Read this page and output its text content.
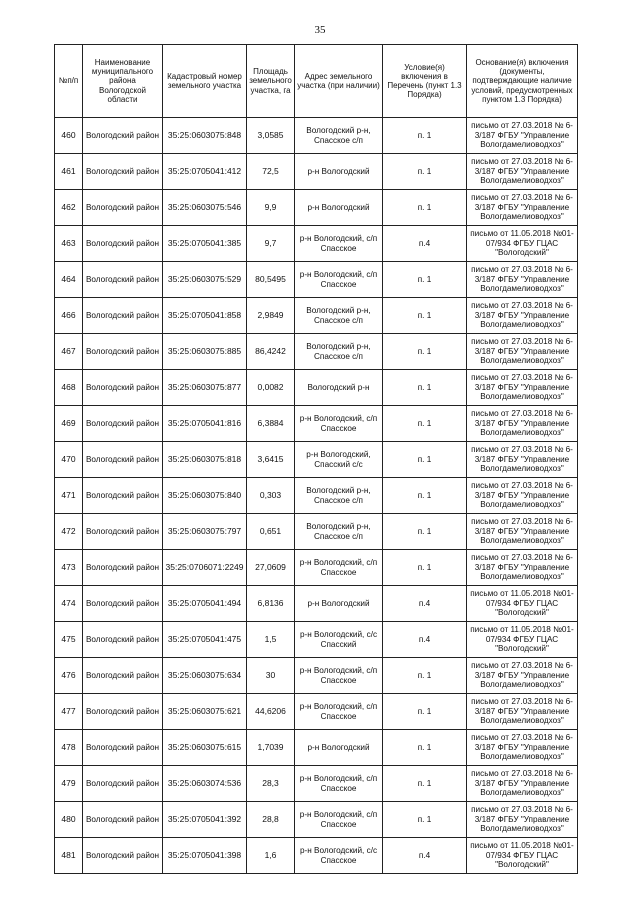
35
№п/п	Наименование муниципального района Вологодской области	Кадастровый номер земельного участка	Площадь земельного участка, га	Адрес земельного участка (при наличии)	Условие(я) включения в Перечень (пункт 1.3 Порядка)	Основание(я) включения (документы, подтверждающие наличие условий, предусмотренных пунктом 1.3 Порядка)
460	Вологодский район	35:25:0603075:848	3,0585	Вологодский р-н, Спасское с/п	п. 1	письмо от 27.03.2018 № 6-3/187 ФГБУ "Управление Вологдамелиоводхоз"
461	Вологодский район	35:25:0705041:412	72,5	р-н Вологодский	п. 1	письмо от 27.03.2018 № 6-3/187 ФГБУ "Управление Вологдамелиоводхоз"
462	Вологодский район	35:25:0603075:546	9,9	р-н Вологодский	п. 1	письмо от 27.03.2018 № 6-3/187 ФГБУ "Управление Вологдамелиоводхоз"
463	Вологодский район	35:25:0705041:385	9,7	р-н Вологодский, с/п Спасское	п.4	письмо от 11.05.2018 №01-07/934 ФГБУ ГЦАС "Вологодский"
464	Вологодский район	35:25:0603075:529	80,5495	р-н Вологодский, с/п Спасское	п. 1	письмо от 27.03.2018 № 6-3/187 ФГБУ "Управление Вологдамелиоводхоз"
466	Вологодский район	35:25:0705041:858	2,9849	Вологодский р-н, Спасское с/п	п. 1	письмо от 27.03.2018 № 6-3/187 ФГБУ "Управление Вологдамелиоводхоз"
467	Вологодский район	35:25:0603075:885	86,4242	Вологодский р-н, Спасское с/п	п. 1	письмо от 27.03.2018 № 6-3/187 ФГБУ "Управление Вологдамелиоводхоз"
468	Вологодский район	35:25:0603075:877	0,0082	Вологодский р-н	п. 1	письмо от 27.03.2018 № 6-3/187 ФГБУ "Управление Вологдамелиоводхоз"
469	Вологодский район	35:25:0705041:816	6,3884	р-н Вологодский, с/п Спасское	п. 1	письмо от 27.03.2018 № 6-3/187 ФГБУ "Управление Вологдамелиоводхоз"
470	Вологодский район	35:25:0603075:818	3,6415	р-н Вологодский, Спасский с/с	п. 1	письмо от 27.03.2018 № 6-3/187 ФГБУ "Управление Вологдамелиоводхоз"
471	Вологодский район	35:25:0603075:840	0,303	Вологодский р-н, Спасское с/п	п. 1	письмо от 27.03.2018 № 6-3/187 ФГБУ "Управление Вологдамелиоводхоз"
472	Вологодский район	35:25:0603075:797	0,651	Вологодский р-н, Спасское с/п	п. 1	письмо от 27.03.2018 № 6-3/187 ФГБУ "Управление Вологдамелиоводхоз"
473	Вологодский район	35:25:0706071:2249	27,0609	р-н Вологодский, с/п Спасское	п. 1	письмо от 27.03.2018 № 6-3/187 ФГБУ "Управление Вологдамелиоводхоз"
474	Вологодский район	35:25:0705041:494	6,8136	р-н Вологодский	п.4	письмо от 11.05.2018 №01-07/934 ФГБУ ГЦАС "Вологодский"
475	Вологодский район	35:25:0705041:475	1,5	р-н Вологодский, с/с Спасский	п.4	письмо от 11.05.2018 №01-07/934 ФГБУ ГЦАС "Вологодский"
476	Вологодский район	35:25:0603075:634	30	р-н Вологодский, с/п Спасское	п. 1	письмо от 27.03.2018 № 6-3/187 ФГБУ "Управление Вологдамелиоводхоз"
477	Вологодский район	35:25:0603075:621	44,6206	р-н Вологодский, с/п Спасское	п. 1	письмо от 27.03.2018 № 6-3/187 ФГБУ "Управление Вологдамелиоводхоз"
478	Вологодский район	35:25:0603075:615	1,7039	р-н Вологодский	п. 1	письмо от 27.03.2018 № 6-3/187 ФГБУ "Управление Вологдамелиоводхоз"
479	Вологодский район	35:25:0603074:536	28,3	р-н Вологодский, с/п Спасское	п. 1	письмо от 27.03.2018 № 6-3/187 ФГБУ "Управление Вологдамелиоводхоз"
480	Вологодский район	35:25:0705041:392	28,8	р-н Вологодский, с/п Спасское	п. 1	письмо от 27.03.2018 № 6-3/187 ФГБУ "Управление Вологдамелиоводхоз"
481	Вологодский район	35:25:0705041:398	1,6	р-н Вологодский, с/с Спасское	п.4	письмо от 11.05.2018 №01-07/934 ФГБУ ГЦАС "Вологодский"
